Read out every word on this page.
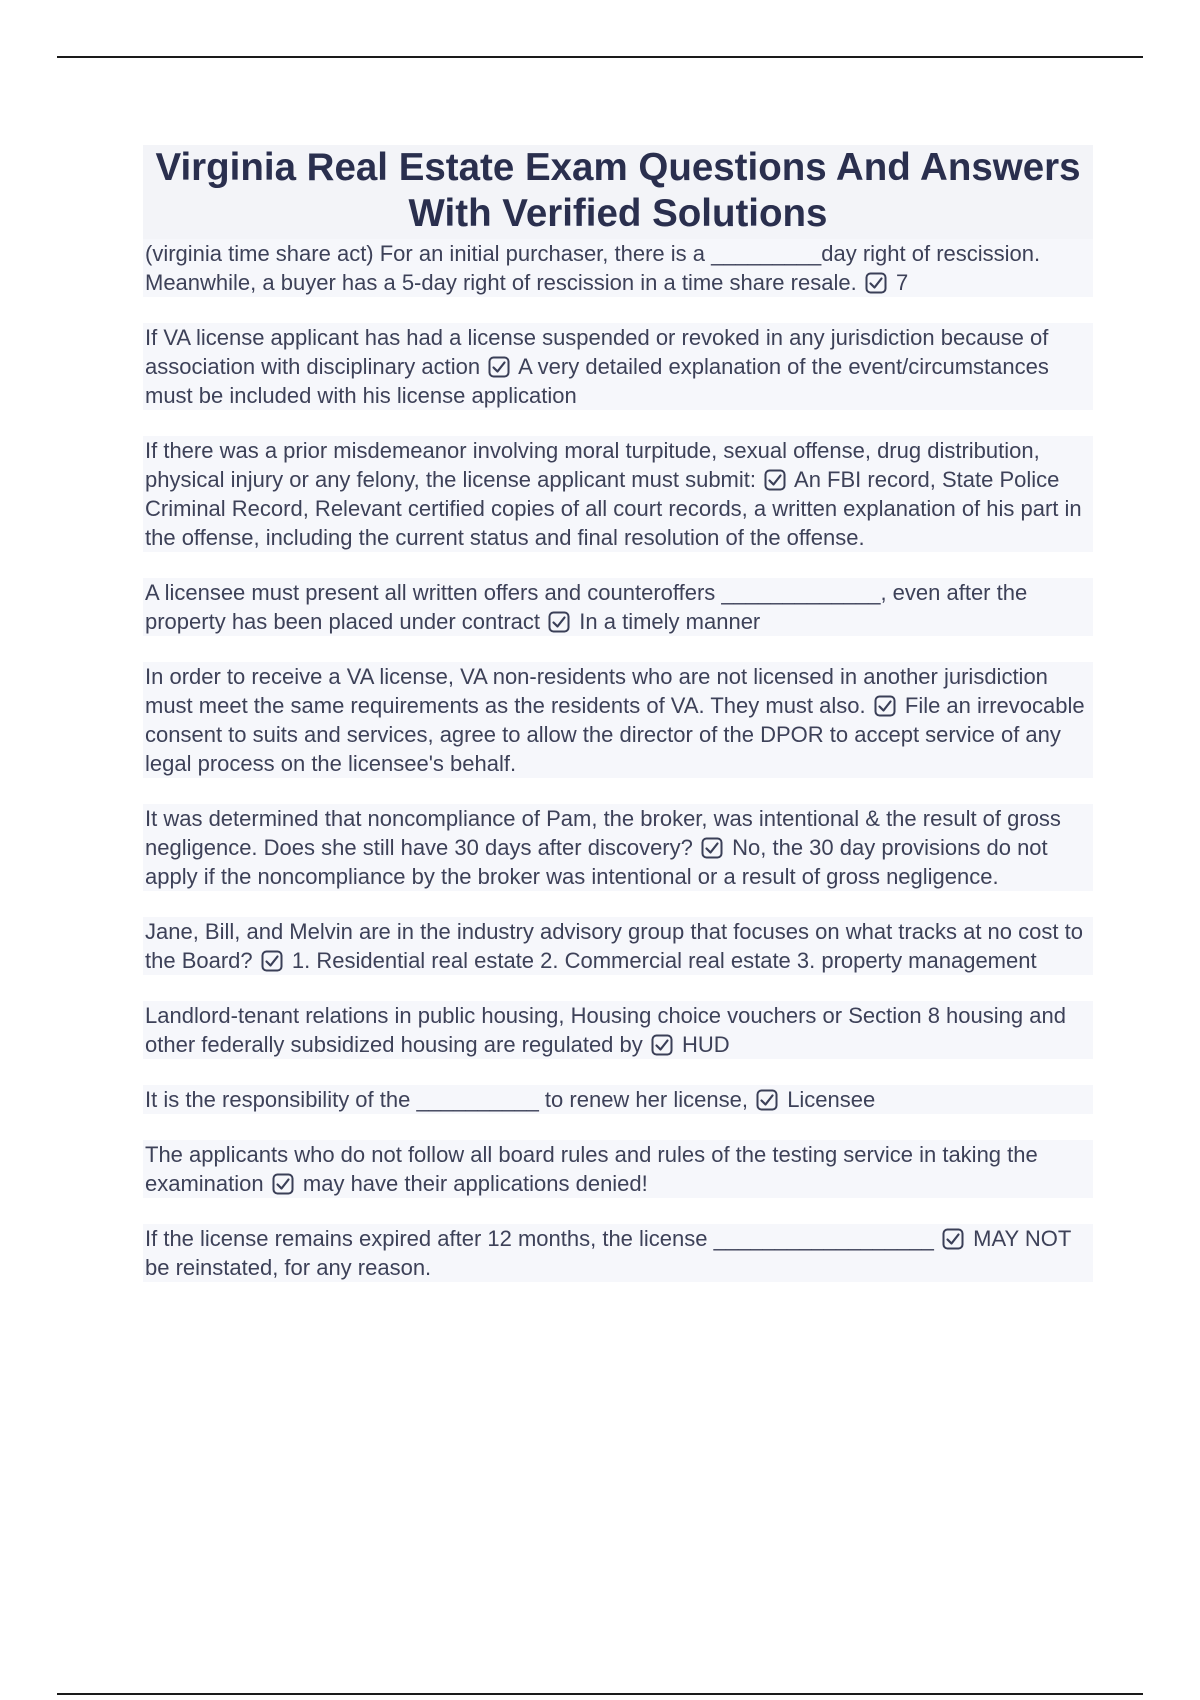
Virginia Real Estate Exam Questions And Answers With Verified Solutions

(virginia time share act) For an initial purchaser, there is a _________day right of rescission. Meanwhile, a buyer has a 5-day right of rescission in a time share resale. 7

If VA license applicant has had a license suspended or revoked in any jurisdiction because of association with disciplinary action A very detailed explanation of the event/circumstances must be included with his license application

If there was a prior misdemeanor involving moral turpitude, sexual offense, drug distribution, physical injury or any felony, the license applicant must submit: An FBI record, State Police Criminal Record, Relevant certified copies of all court records, a written explanation of his part in the offense, including the current status and final resolution of the offense.

A licensee must present all written offers and counteroffers _____________, even after the property has been placed under contract In a timely manner

In order to receive a VA license, VA non-residents who are not licensed in another jurisdiction must meet the same requirements as the residents of VA. They must also. File an irrevocable consent to suits and services, agree to allow the director of the DPOR to accept service of any legal process on the licensee's behalf.

It was determined that noncompliance of Pam, the broker, was intentional & the result of gross negligence. Does she still have 30 days after discovery? No, the 30 day provisions do not apply if the noncompliance by the broker was intentional or a result of gross negligence.

Jane, Bill, and Melvin are in the industry advisory group that focuses on what tracks at no cost to the Board? 1. Residential real estate 2. Commercial real estate 3. property management

Landlord-tenant relations in public housing, Housing choice vouchers or Section 8 housing and other federally subsidized housing are regulated by HUD

It is the responsibility of the __________ to renew her license, Licensee

The applicants who do not follow all board rules and rules of the testing service in taking the examination may have their applications denied!

If the license remains expired after 12 months, the license __________________ MAY NOT be reinstated, for any reason.
